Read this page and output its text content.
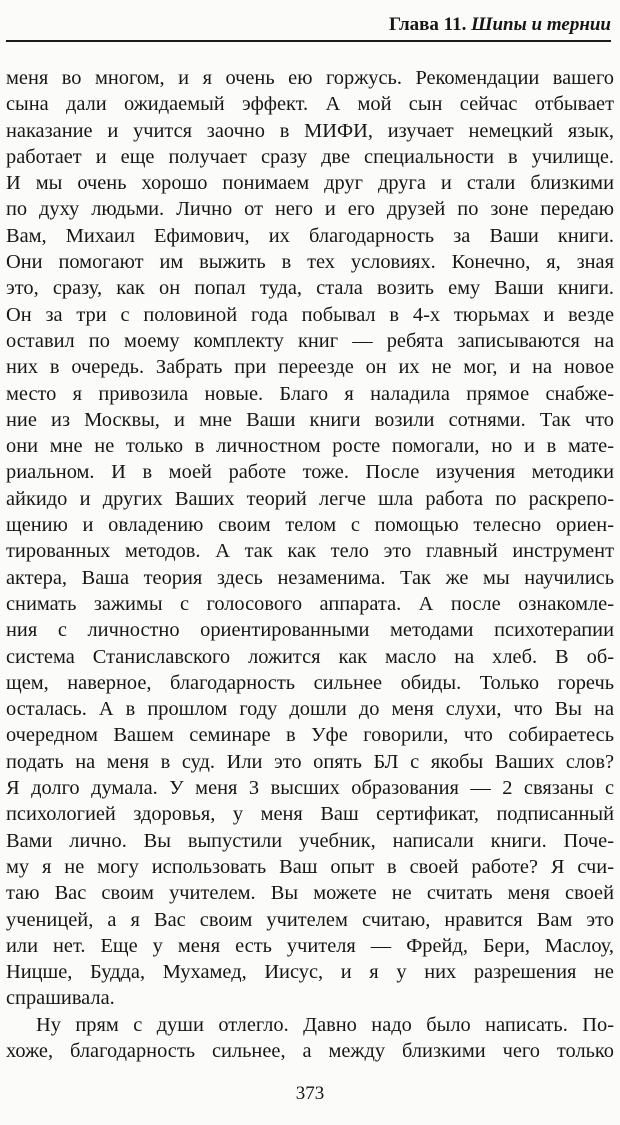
Глава 11. Шипы и тернии
меня во многом, и я очень ею горжусь. Рекомендации вашего
сына дали ожидаемый эффект. А мой сын сейчас отбывает
наказание и учится заочно в МИФИ, изучает немецкий язык,
работает и еще получает сразу две специальности в училище.
И мы очень хорошо понимаем друг друга и стали близкими
по духу людьми. Лично от него и его друзей по зоне передаю
Вам, Михаил Ефимович, их благодарность за Ваши книги.
Они помогают им выжить в тех условиях. Конечно, я, зная
это, сразу, как он попал туда, стала возить ему Ваши книги.
Он за три с половиной года побывал в 4-х тюрьмах и везде
оставил по моему комплекту книг — ребята записываются на
них в очередь. Забрать при переезде он их не мог, и на новое
место я привозила новые. Благо я наладила прямое снабже-
ние из Москвы, и мне Ваши книги возили сотнями. Так что
они мне не только в личностном росте помогали, но и в мате-
риальном. И в моей работе тоже. После изучения методики
айкидо и других Ваших теорий легче шла работа по раскрепо-
щению и овладению своим телом с помощью телесно ориен-
тированных методов. А так как тело это главный инструмент
актера, Ваша теория здесь незаменима. Так же мы научились
снимать зажимы с голосового аппарата. А после ознакомле-
ния с личностно ориентированными методами психотерапии
система Станиславского ложится как масло на хлеб. В об-
щем, наверное, благодарность сильнее обиды. Только горечь
осталась. А в прошлом году дошли до меня слухи, что Вы на
очередном Вашем семинаре в Уфе говорили, что собираетесь
подать на меня в суд. Или это опять БЛ с якобы Ваших слов?
Я долго думала. У меня 3 высших образования — 2 связаны с
психологией здоровья, у меня Ваш сертификат, подписанный
Вами лично. Вы выпустили учебник, написали книги. Поче-
му я не могу использовать Ваш опыт в своей работе? Я счи-
таю Вас своим учителем. Вы можете не считать меня своей
ученицей, а я Вас своим учителем считаю, нравится Вам это
или нет. Еще у меня есть учителя — Фрейд, Бери, Маслоу,
Ницше, Будда, Мухамед, Иисус, и я у них разрешения не
спрашивала.
Ну прям с души отлегло. Давно надо было написать. По-
хоже, благодарность сильнее, а между близкими чего только
373
